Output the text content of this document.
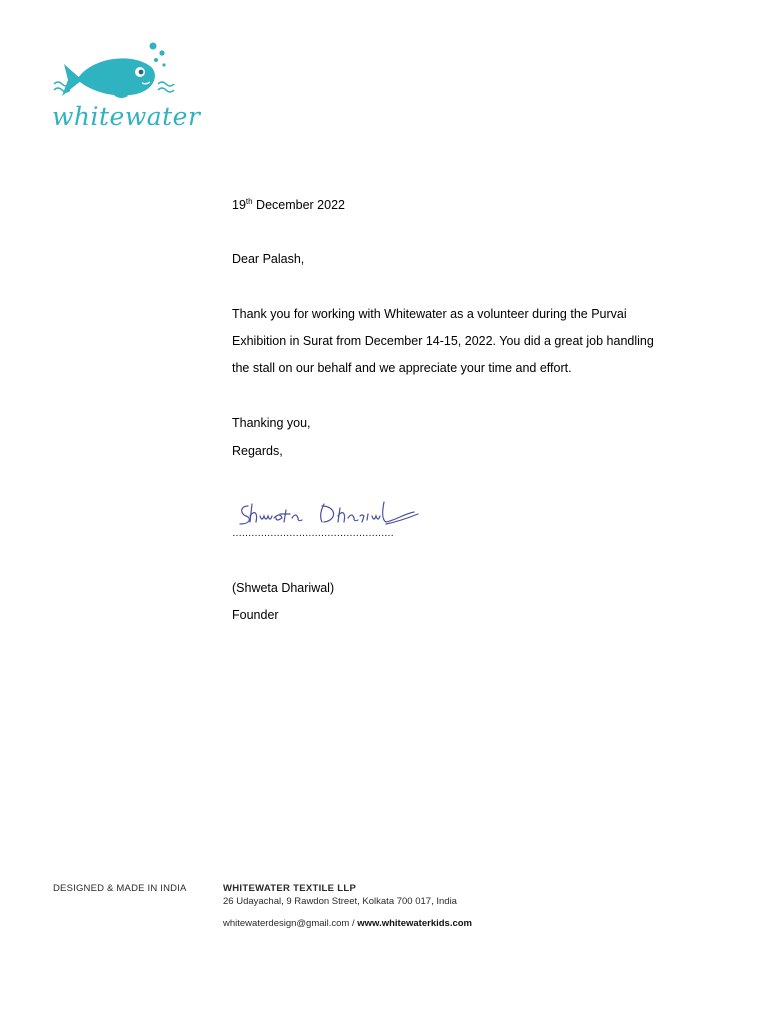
whitewater
19th December 2022
Dear Palash,
Thank you for working with Whitewater as a volunteer during the Purvai
Exhibition in Surat from December 14-15, 2022. You did a great job handling
the stall on our behalf and we appreciate your time and effort.
Thanking you,
Regards,
……………………………………………
(Shweta Dhariwal)
Founder
DESIGNED & MADE IN INDIA	WHITEWATER TEXTILE LLP
26 Udayachal, 9 Rawdon Street, Kolkata 700 017, India
whitewaterdesign@gmail.com / www.whitewaterkids.com
